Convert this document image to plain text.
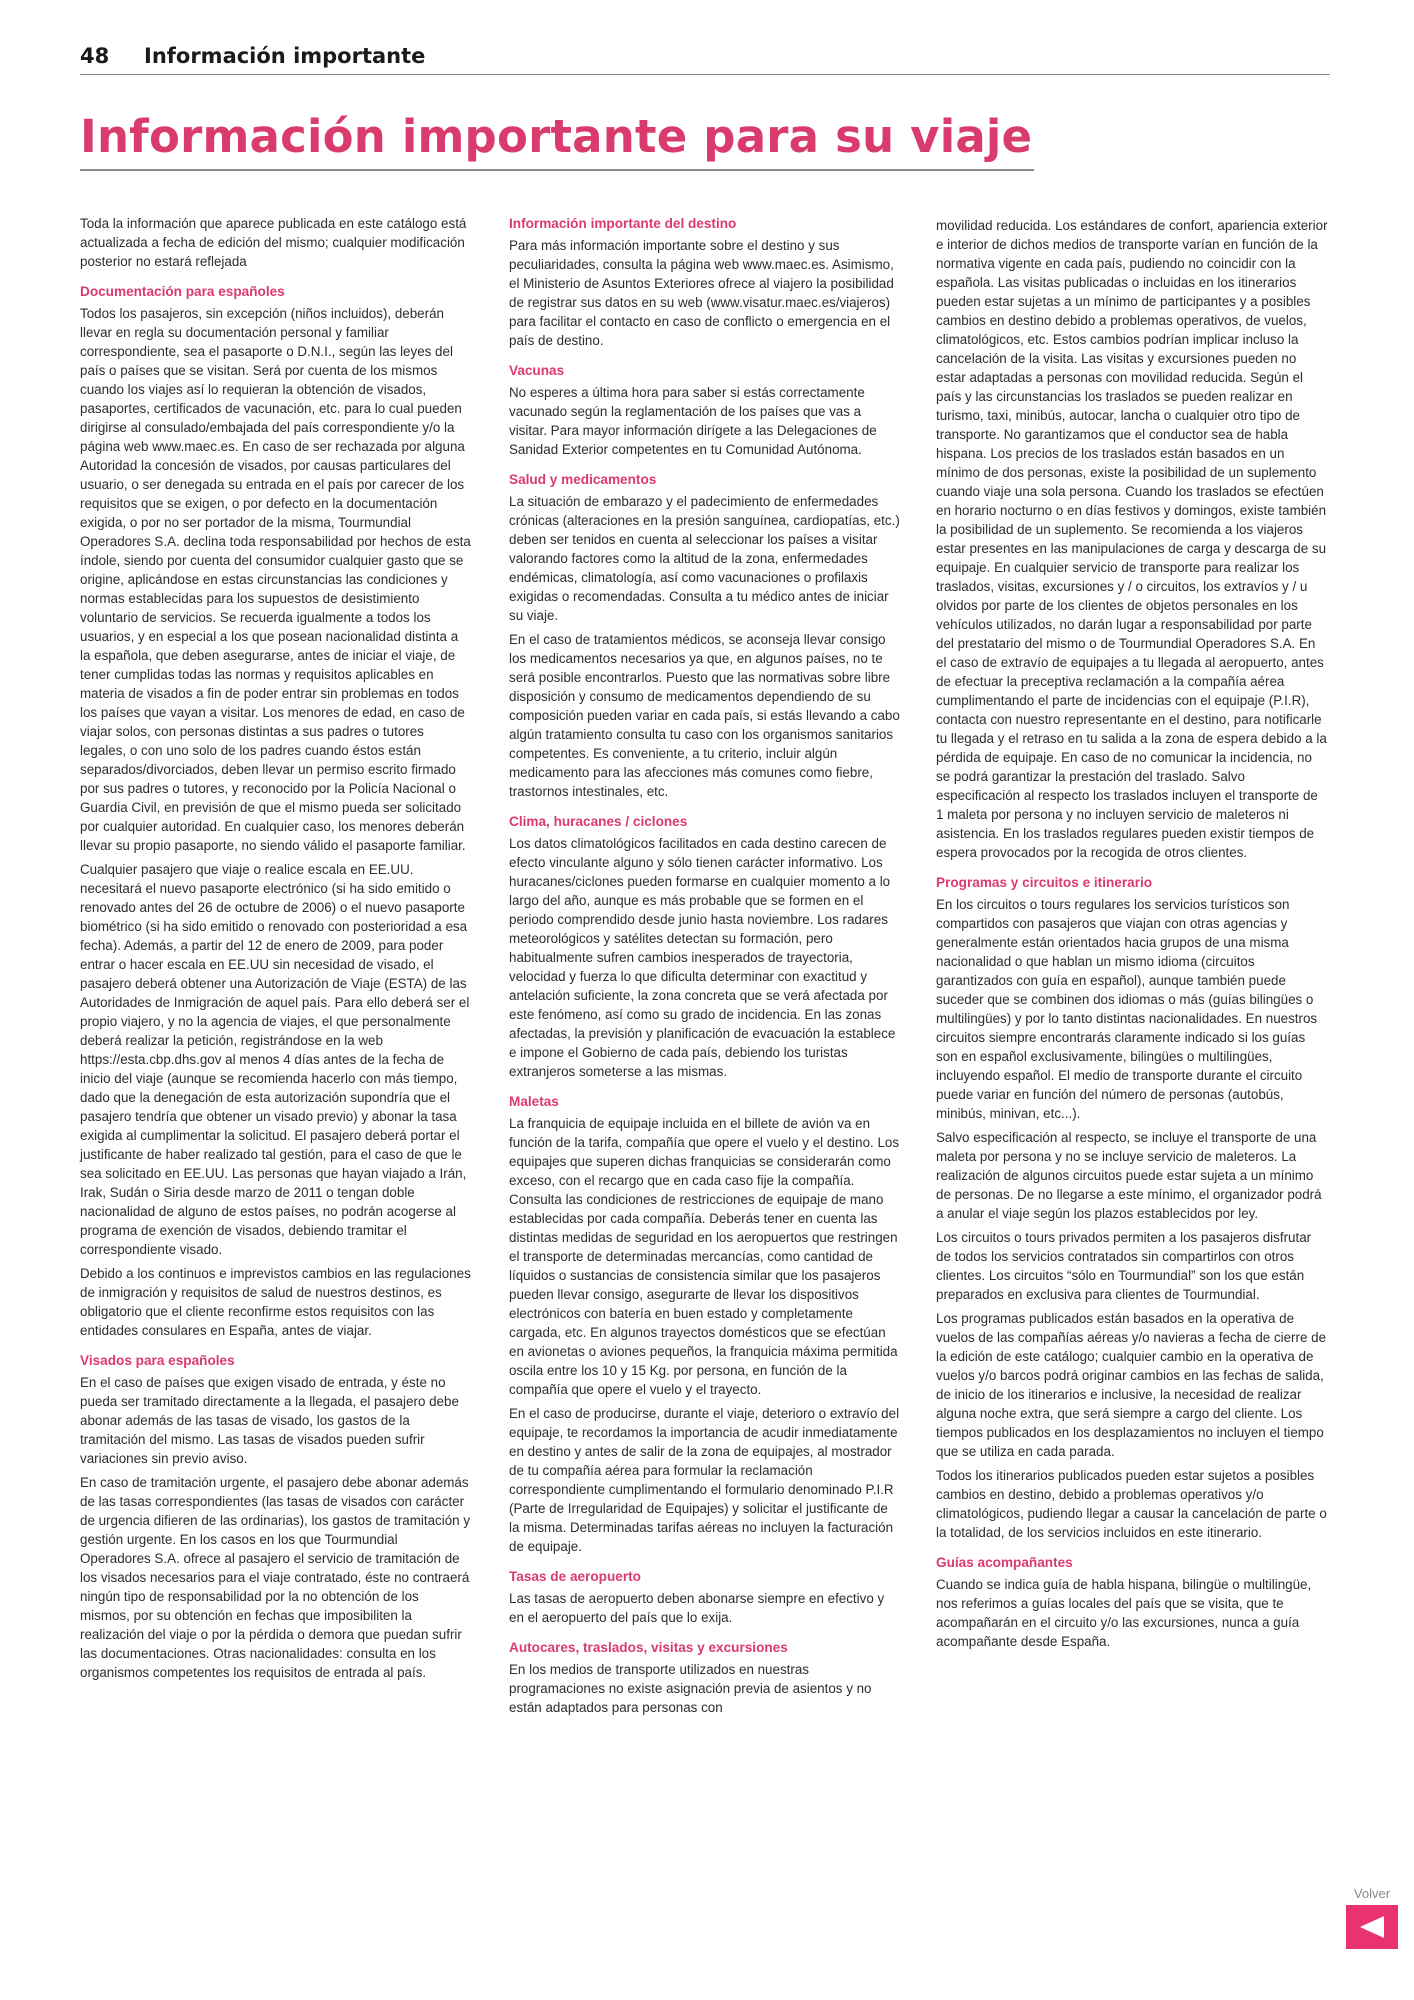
48 Información importante
Información importante para su viaje

Toda la información que aparece publicada en este catálogo está actualizada a fecha de edición del mismo; cualquier modificación posterior no estará reflejada

Documentación para españoles

Todos los pasajeros, sin excepción (niños incluidos), deberán llevar en regla su documentación personal y familiar correspondiente, sea el pasaporte o D.N.I., según las leyes del país o países que se visitan. Será por cuenta de los mismos cuando los viajes así lo requieran la obtención de visados, pasaportes, certificados de vacunación, etc. para lo cual pueden dirigirse al consulado/embajada del país correspondiente y/o la página web www.maec.es. En caso de ser rechazada por alguna Autoridad la concesión de visados, por causas particulares del usuario, o ser denegada su entrada en el país por carecer de los requisitos que se exigen, o por defecto en la documentación exigida, o por no ser portador de la misma, Tourmundial Operadores S.A. declina toda responsabilidad por hechos de esta índole, siendo por cuenta del consumidor cualquier gasto que se origine, aplicándose en estas circunstancias las condiciones y normas establecidas para los supuestos de desistimiento voluntario de servicios. Se recuerda igualmente a todos los usuarios, y en especial a los que posean nacionalidad distinta a la española, que deben asegurarse, antes de iniciar el viaje, de tener cumplidas todas las normas y requisitos aplicables en materia de visados a fin de poder entrar sin problemas en todos los países que vayan a visitar. Los menores de edad, en caso de viajar solos, con personas distintas a sus padres o tutores legales, o con uno solo de los padres cuando éstos están separados/divorciados, deben llevar un permiso escrito firmado por sus padres o tutores, y reconocido por la Policía Nacional o Guardia Civil, en previsión de que el mismo pueda ser solicitado por cualquier autoridad. En cualquier caso, los menores deberán llevar su propio pasaporte, no siendo válido el pasaporte familiar.

Cualquier pasajero que viaje o realice escala en EE.UU. necesitará el nuevo pasaporte electrónico (si ha sido emitido o renovado antes del 26 de octubre de 2006) o el nuevo pasaporte biométrico (si ha sido emitido o renovado con posterioridad a esa fecha). Además, a partir del 12 de enero de 2009, para poder entrar o hacer escala en EE.UU sin necesidad de visado, el pasajero deberá obtener una Autorización de Viaje (ESTA) de las Autoridades de Inmigración de aquel país. Para ello deberá ser el propio viajero, y no la agencia de viajes, el que personalmente deberá realizar la petición, registrándose en la web https://esta.cbp.dhs.gov al menos 4 días antes de la fecha de inicio del viaje (aunque se recomienda hacerlo con más tiempo, dado que la denegación de esta autorización supondría que el pasajero tendría que obtener un visado previo) y abonar la tasa exigida al cumplimentar la solicitud. El pasajero deberá portar el justificante de haber realizado tal gestión, para el caso de que le sea solicitado en EE.UU. Las personas que hayan viajado a Irán, Irak, Sudán o Siria desde marzo de 2011 o tengan doble nacionalidad de alguno de estos países, no podrán acogerse al programa de exención de visados, debiendo tramitar el correspondiente visado.

Debido a los continuos e imprevistos cambios en las regulaciones de inmigración y requisitos de salud de nuestros destinos, es obligatorio que el cliente reconfirme estos requisitos con las entidades consulares en España, antes de viajar.

Visados para españoles

En el caso de países que exigen visado de entrada, y éste no pueda ser tramitado directamente a la llegada, el pasajero debe abonar además de las tasas de visado, los gastos de la tramitación del mismo. Las tasas de visados pueden sufrir variaciones sin previo aviso.

En caso de tramitación urgente, el pasajero debe abonar además de las tasas correspondientes (las tasas de visados con carácter de urgencia difieren de las ordinarias), los gastos de tramitación y gestión urgente. En los casos en los que Tourmundial Operadores S.A. ofrece al pasajero el servicio de tramitación de los visados necesarios para el viaje contratado, éste no contraerá ningún tipo de responsabilidad por la no obtención de los mismos, por su obtención en fechas que imposibiliten la realización del viaje o por la pérdida o demora que puedan sufrir las documentaciones. Otras nacionalidades: consulta en los organismos competentes los requisitos de entrada al país.

Información importante del destino

Para más información importante sobre el destino y sus peculiaridades, consulta la página web www.maec.es. Asimismo, el Ministerio de Asuntos Exteriores ofrece al viajero la posibilidad de registrar sus datos en su web (www.visatur.maec.es/viajeros) para facilitar el contacto en caso de conflicto o emergencia en el país de destino.

Vacunas

No esperes a última hora para saber si estás correctamente vacunado según la reglamentación de los países que vas a visitar. Para mayor información dirígete a las Delegaciones de Sanidad Exterior competentes en tu Comunidad Autónoma.

Salud y medicamentos

La situación de embarazo y el padecimiento de enfermedades crónicas (alteraciones en la presión sanguínea, cardiopatías, etc.) deben ser tenidos en cuenta al seleccionar los países a visitar valorando factores como la altitud de la zona, enfermedades endémicas, climatología, así como vacunaciones o profilaxis exigidas o recomendadas. Consulta a tu médico antes de iniciar su viaje.

En el caso de tratamientos médicos, se aconseja llevar consigo los medicamentos necesarios ya que, en algunos países, no te será posible encontrarlos. Puesto que las normativas sobre libre disposición y consumo de medicamentos dependiendo de su composición pueden variar en cada país, si estás llevando a cabo algún tratamiento consulta tu caso con los organismos sanitarios competentes. Es conveniente, a tu criterio, incluir algún medicamento para las afecciones más comunes como fiebre, trastornos intestinales, etc.

Clima, huracanes / ciclones

Los datos climatológicos facilitados en cada destino carecen de efecto vinculante alguno y sólo tienen carácter informativo. Los huracanes/ciclones pueden formarse en cualquier momento a lo largo del año, aunque es más probable que se formen en el periodo comprendido desde junio hasta noviembre. Los radares meteorológicos y satélites detectan su formación, pero habitualmente sufren cambios inesperados de trayectoria, velocidad y fuerza lo que dificulta determinar con exactitud y antelación suficiente, la zona concreta que se verá afectada por este fenómeno, así como su grado de incidencia. En las zonas afectadas, la previsión y planificación de evacuación la establece e impone el Gobierno de cada país, debiendo los turistas extranjeros someterse a las mismas.

Maletas

La franquicia de equipaje incluida en el billete de avión va en función de la tarifa, compañía que opere el vuelo y el destino. Los equipajes que superen dichas franquicias se considerarán como exceso, con el recargo que en cada caso fije la compañía. Consulta las condiciones de restricciones de equipaje de mano establecidas por cada compañía. Deberás tener en cuenta las distintas medidas de seguridad en los aeropuertos que restringen el transporte de determinadas mercancías, como cantidad de líquidos o sustancias de consistencia similar que los pasajeros pueden llevar consigo, asegurarte de llevar los dispositivos electrónicos con batería en buen estado y completamente cargada, etc. En algunos trayectos domésticos que se efectúan en avionetas o aviones pequeños, la franquicia máxima permitida oscila entre los 10 y 15 Kg. por persona, en función de la compañía que opere el vuelo y el trayecto.

En el caso de producirse, durante el viaje, deterioro o extravío del equipaje, te recordamos la importancia de acudir inmediatamente en destino y antes de salir de la zona de equipajes, al mostrador de tu compañía aérea para formular la reclamación correspondiente cumplimentando el formulario denominado P.I.R (Parte de Irregularidad de Equipajes) y solicitar el justificante de la misma. Determinadas tarifas aéreas no incluyen la facturación de equipaje.

Tasas de aeropuerto

Las tasas de aeropuerto deben abonarse siempre en efectivo y en el aeropuerto del país que lo exija.

Autocares, traslados, visitas y excursiones

En los medios de transporte utilizados en nuestras programaciones no existe asignación previa de asientos y no están adaptados para personas con

movilidad reducida. Los estándares de confort, apariencia exterior e interior de dichos medios de transporte varían en función de la normativa vigente en cada país, pudiendo no coincidir con la española. Las visitas publicadas o incluidas en los itinerarios pueden estar sujetas a un mínimo de participantes y a posibles cambios en destino debido a problemas operativos, de vuelos, climatológicos, etc. Estos cambios podrían implicar incluso la cancelación de la visita. Las visitas y excursiones pueden no estar adaptadas a personas con movilidad reducida. Según el país y las circunstancias los traslados se pueden realizar en turismo, taxi, minibús, autocar, lancha o cualquier otro tipo de transporte. No garantizamos que el conductor sea de habla hispana. Los precios de los traslados están basados en un mínimo de dos personas, existe la posibilidad de un suplemento cuando viaje una sola persona. Cuando los traslados se efectúen en horario nocturno o en días festivos y domingos, existe también la posibilidad de un suplemento. Se recomienda a los viajeros estar presentes en las manipulaciones de carga y descarga de su equipaje. En cualquier servicio de transporte para realizar los traslados, visitas, excursiones y / o circuitos, los extravíos y / u olvidos por parte de los clientes de objetos personales en los vehículos utilizados, no darán lugar a responsabilidad por parte del prestatario del mismo o de Tourmundial Operadores S.A. En el caso de extravío de equipajes a tu llegada al aeropuerto, antes de efectuar la preceptiva reclamación a la compañía aérea cumplimentando el parte de incidencias con el equipaje (P.I.R), contacta con nuestro representante en el destino, para notificarle tu llegada y el retraso en tu salida a la zona de espera debido a la pérdida de equipaje. En caso de no comunicar la incidencia, no se podrá garantizar la prestación del traslado. Salvo especificación al respecto los traslados incluyen el transporte de 1 maleta por persona y no incluyen servicio de maleteros ni asistencia. En los traslados regulares pueden existir tiempos de espera provocados por la recogida de otros clientes.

Programas y circuitos e itinerario

En los circuitos o tours regulares los servicios turísticos son compartidos con pasajeros que viajan con otras agencias y generalmente están orientados hacia grupos de una misma nacionalidad o que hablan un mismo idioma (circuitos garantizados con guía en español), aunque también puede suceder que se combinen dos idiomas o más (guías bilingües o multilingües) y por lo tanto distintas nacionalidades. En nuestros circuitos siempre encontrarás claramente indicado si los guías son en español exclusivamente, bilingües o multilingües, incluyendo español. El medio de transporte durante el circuito puede variar en función del número de personas (autobús, minibús, minivan, etc...).

Salvo especificación al respecto, se incluye el transporte de una maleta por persona y no se incluye servicio de maleteros. La realización de algunos circuitos puede estar sujeta a un mínimo de personas. De no llegarse a este mínimo, el organizador podrá a anular el viaje según los plazos establecidos por ley.

Los circuitos o tours privados permiten a los pasajeros disfrutar de todos los servicios contratados sin compartirlos con otros clientes. Los circuitos “sólo en Tourmundial” son los que están preparados en exclusiva para clientes de Tourmundial.

Los programas publicados están basados en la operativa de vuelos de las compañías aéreas y/o navieras a fecha de cierre de la edición de este catálogo; cualquier cambio en la operativa de vuelos y/o barcos podrá originar cambios en las fechas de salida, de inicio de los itinerarios e inclusive, la necesidad de realizar alguna noche extra, que será siempre a cargo del cliente. Los tiempos publicados en los desplazamientos no incluyen el tiempo que se utiliza en cada parada.

Todos los itinerarios publicados pueden estar sujetos a posibles cambios en destino, debido a problemas operativos y/o climatológicos, pudiendo llegar a causar la cancelación de parte o la totalidad, de los servicios incluidos en este itinerario.

Guías acompañantes

Cuando se indica guía de habla hispana, bilingüe o multilingüe, nos referimos a guías locales del país que se visita, que te acompañarán en el circuito y/o las excursiones, nunca a guía acompañante desde España.

Volver
